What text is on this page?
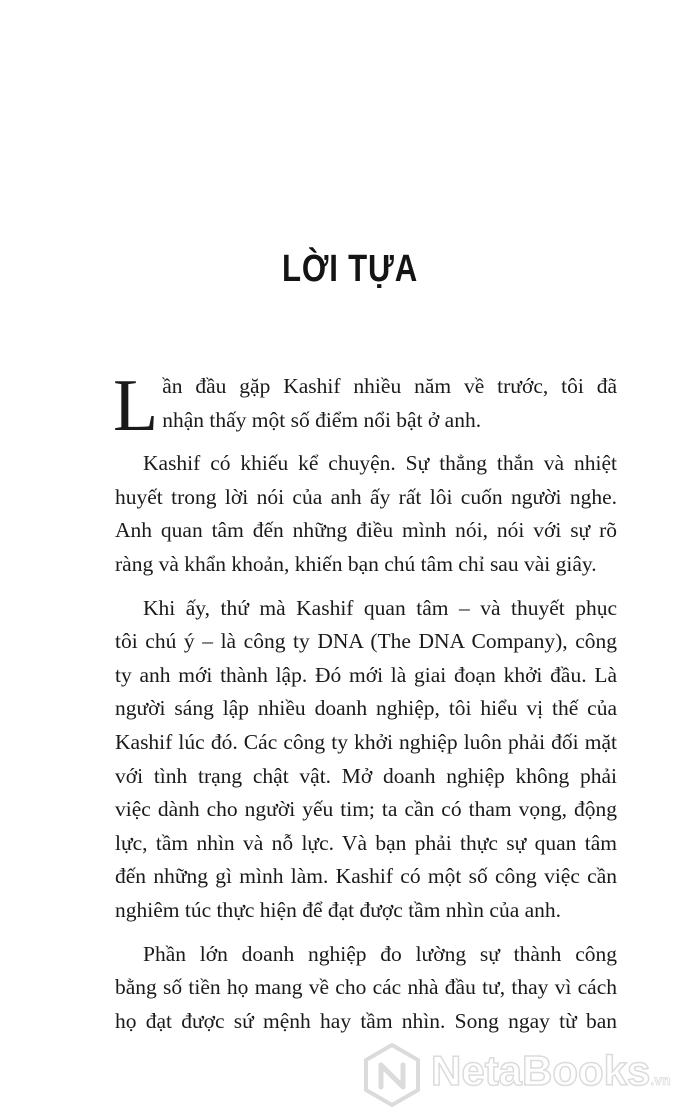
LỜI TỰA
L ần đầu gặp Kashif nhiều năm về trước, tôi đã
nhận thấy một số điểm nổi bật ở anh.
Kashif có khiếu kể chuyện. Sự thẳng thắn và nhiệt
huyết trong lời nói của anh ấy rất lôi cuốn người nghe.
Anh quan tâm đến những điều mình nói, nói với sự rõ
ràng và khẩn khoản, khiến bạn chú tâm chỉ sau vài giây.
Khi ấy, thứ mà Kashif quan tâm – và thuyết phục
tôi chú ý – là công ty DNA (The DNA Company), công
ty anh mới thành lập. Đó mới là giai đoạn khởi đầu. Là
người sáng lập nhiều doanh nghiệp, tôi hiểu vị thế của
Kashif lúc đó. Các công ty khởi nghiệp luôn phải đối mặt
với tình trạng chật vật. Mở doanh nghiệp không phải
việc dành cho người yếu tim; ta cần có tham vọng, động
lực, tầm nhìn và nỗ lực. Và bạn phải thực sự quan tâm
đến những gì mình làm. Kashif có một số công việc cần
nghiêm túc thực hiện để đạt được tầm nhìn của anh.
Phần lớn doanh nghiệp đo lường sự thành công
bằng số tiền họ mang về cho các nhà đầu tư, thay vì cách
họ đạt được sứ mệnh hay tầm nhìn. Song ngay từ ban
NetaBooks.vn
